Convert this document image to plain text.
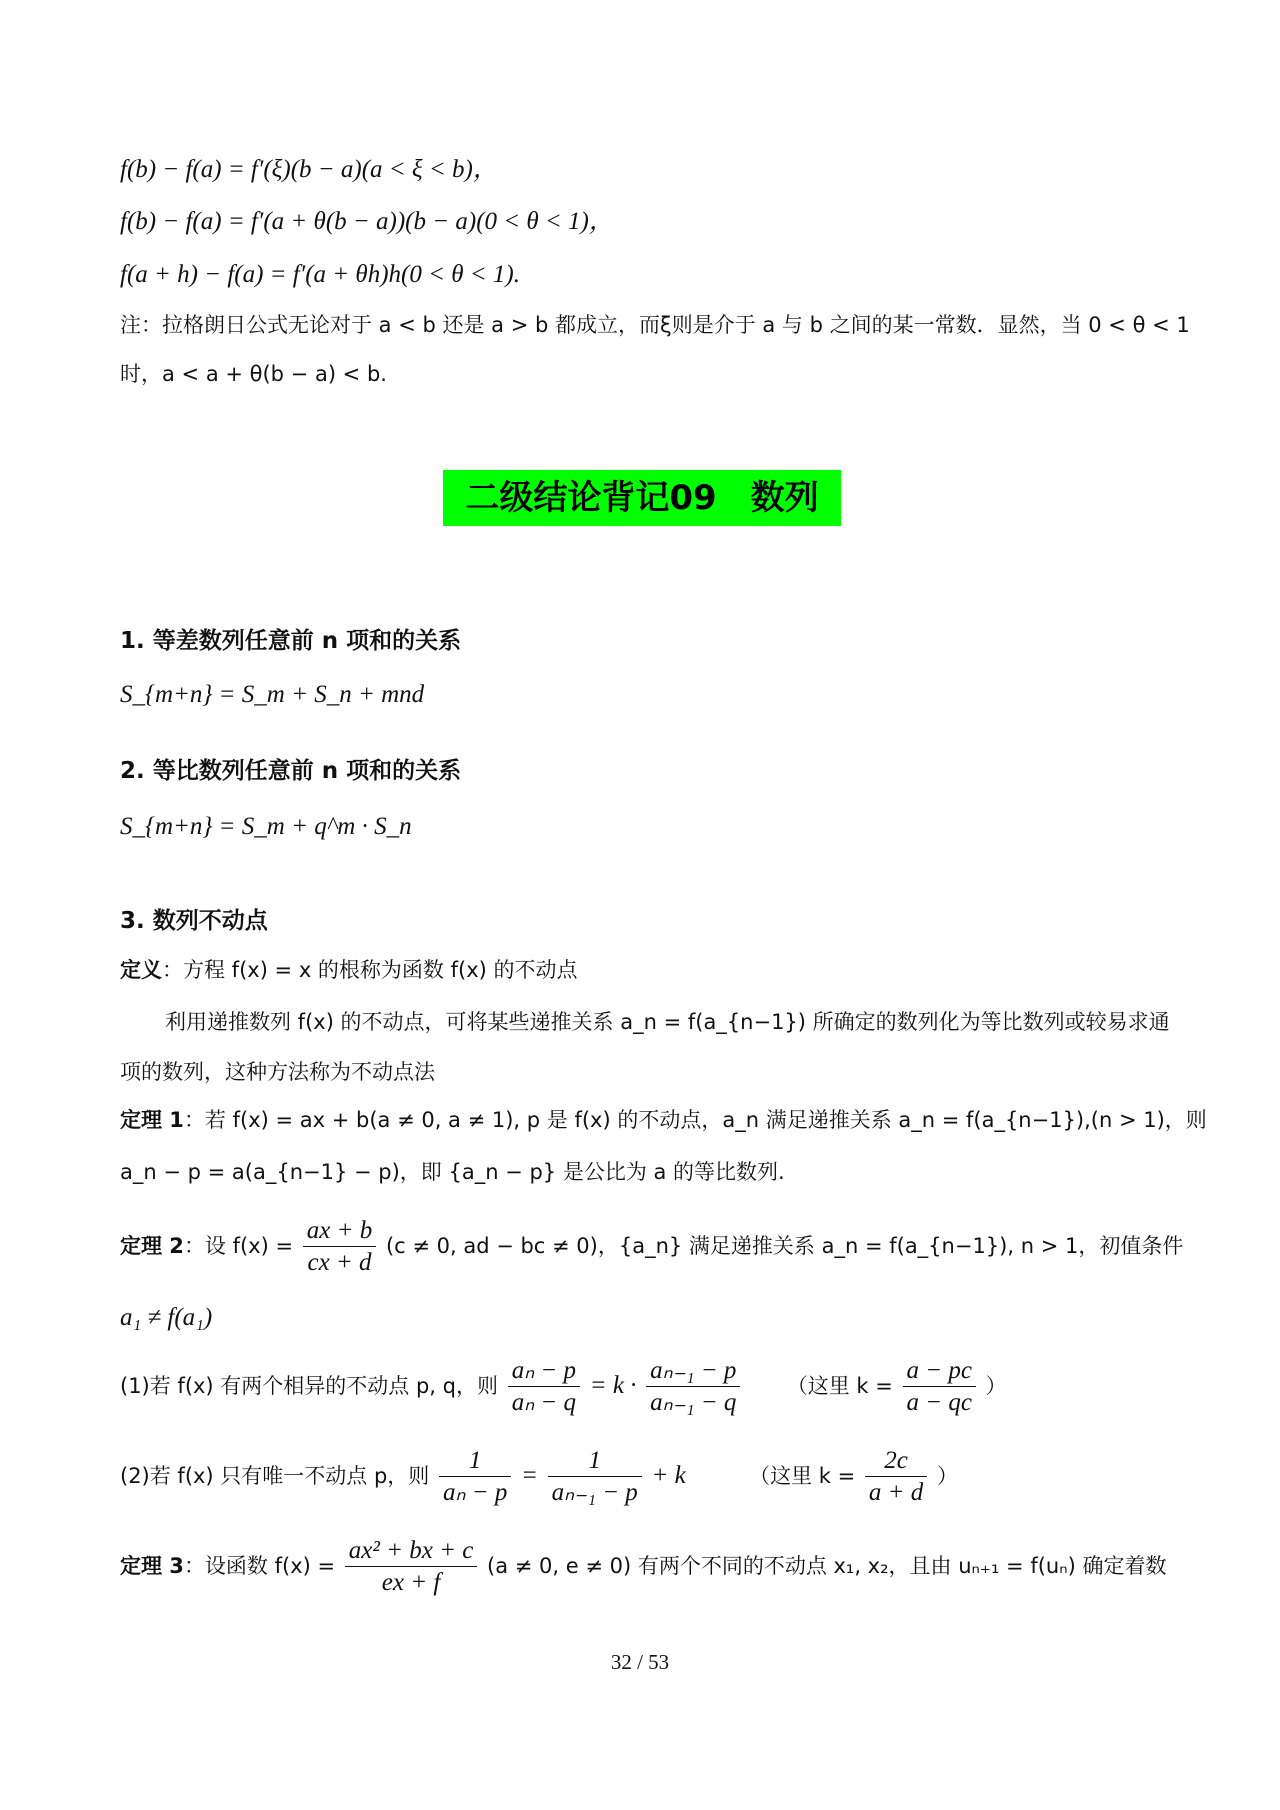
f(b) − f(a) = f′(ξ)(b − a)(a < ξ < b)，
f(b) − f(a) = f′(a + θ(b − a))(b − a)(0 < θ < 1)，
f(a + h) − f(a) = f′(a + θh)h(0 < θ < 1).
注：拉格朗日公式无论对于 a < b 还是 a > b 都成立，而ξ则是介于 a 与 b 之间的某一常数．显然，当 0 < θ < 1
时，a < a + θ(b − a) < b.
二级结论背记09　数列
1. 等差数列任意前 n 项和的关系
S_{m+n} = S_m + S_n + mnd
2. 等比数列任意前 n 项和的关系
S_{m+n} = S_m + q^m · S_n
3. 数列不动点
定义：方程 f(x) = x 的根称为函数 f(x) 的不动点
利用递推数列 f(x) 的不动点，可将某些递推关系 a_n = f(a_{n−1}) 所确定的数列化为等比数列或较易求通
项的数列，这种方法称为不动点法
定理 1：若 f(x) = ax + b(a ≠ 0, a ≠ 1), p 是 f(x) 的不动点，a_n 满足递推关系 a_n = f(a_{n−1}),(n > 1)，则
a_n − p = a(a_{n−1} − p)，即 {a_n − p} 是公比为 a 的等比数列.
定理 2：设 $f(x) = \frac{ax + b}{cx + d} (c \ne 0$, ad − bc ≠ 0)，{a_n} 满足递推关系 a_n = f(a_{n−1}), n > 1，初值条件
a₁ ≠ f(a₁)
(1)若 f(x) 有两个相异的不动点 p, q，则 $\frac{\text{aₙ − p}}{\text{aₙ − q}} = k \cdot \frac{\text{aₙ₋₁ − p}}{\text{aₙ₋₁ − q}}$ （这里 $k = \frac{a - pc}{a - qc}$ ）
(2)若 f(x) 只有唯一不动点 p，则 $\frac{1}{\text{aₙ − p}} = \frac{1}{\text{aₙ₋₁ − p}} + k$	（这里 $k = \frac{2c}{a + d}$ ）
定理 3：设函数 $f(x) = \frac{\text{ax² + bx + c}}{ex + f} (a \ne 0$, e ≠ 0) 有两个不同的不动点 x₁, x₂，且由 uₙ₊₁ = f(uₙ) 确定着数
32 / 53
